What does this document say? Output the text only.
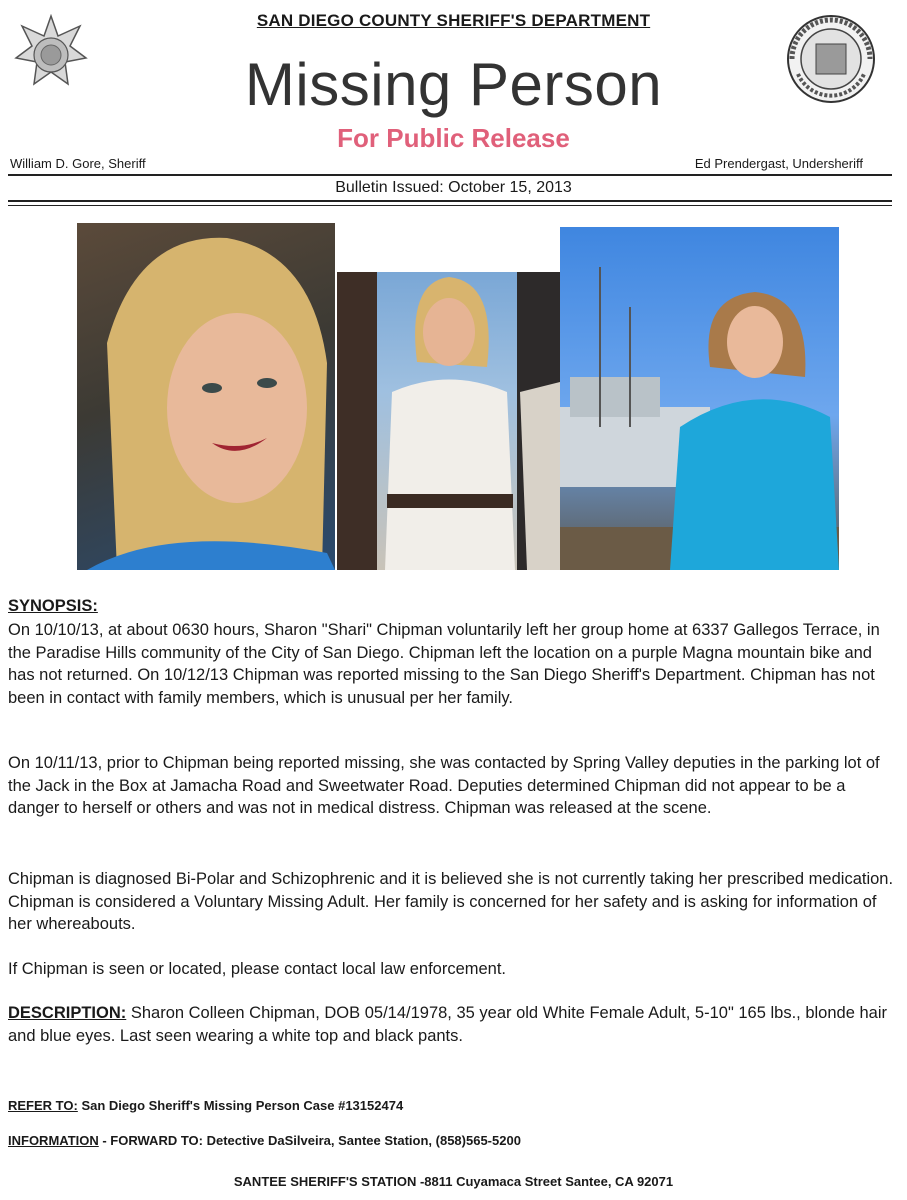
SAN DIEGO COUNTY SHERIFF'S DEPARTMENT
Missing Person
For Public Release
William D. Gore, Sheriff	Ed Prendergast, Undersheriff
Bulletin Issued: October 15, 2013
SYNOPSIS:
On 10/10/13, at about 0630 hours, Sharon "Shari" Chipman voluntarily left her group home at 6337 Gallegos Terrace, in the Paradise Hills community of the City of San Diego. Chipman left the location on a purple Magna mountain bike and has not returned. On 10/12/13 Chipman was reported missing to the San Diego Sheriff's Department. Chipman has not been in contact with family members, which is unusual per her family.
On 10/11/13, prior to Chipman being reported missing, she was contacted by Spring Valley deputies in the parking lot of the Jack in the Box at Jamacha Road and Sweetwater Road. Deputies determined Chipman did not appear to be a danger to herself or others and was not in medical distress. Chipman was released at the scene.
Chipman is diagnosed Bi-Polar and Schizophrenic and it is believed she is not currently taking her prescribed medication. Chipman is considered a Voluntary Missing Adult. Her family is concerned for her safety and is asking for information of her whereabouts.
If Chipman is seen or located, please contact local law enforcement.
DESCRIPTION: Sharon Colleen Chipman, DOB 05/14/1978, 35 year old White Female Adult, 5-10" 165 lbs., blonde hair and blue eyes. Last seen wearing a white top and black pants.
REFER TO: San Diego Sheriff's Missing Person Case #13152474
INFORMATION - FORWARD TO: Detective DaSilveira, Santee Station, (858)565-5200
SANTEE SHERIFF'S STATION -8811 Cuyamaca Street Santee, CA 92071
